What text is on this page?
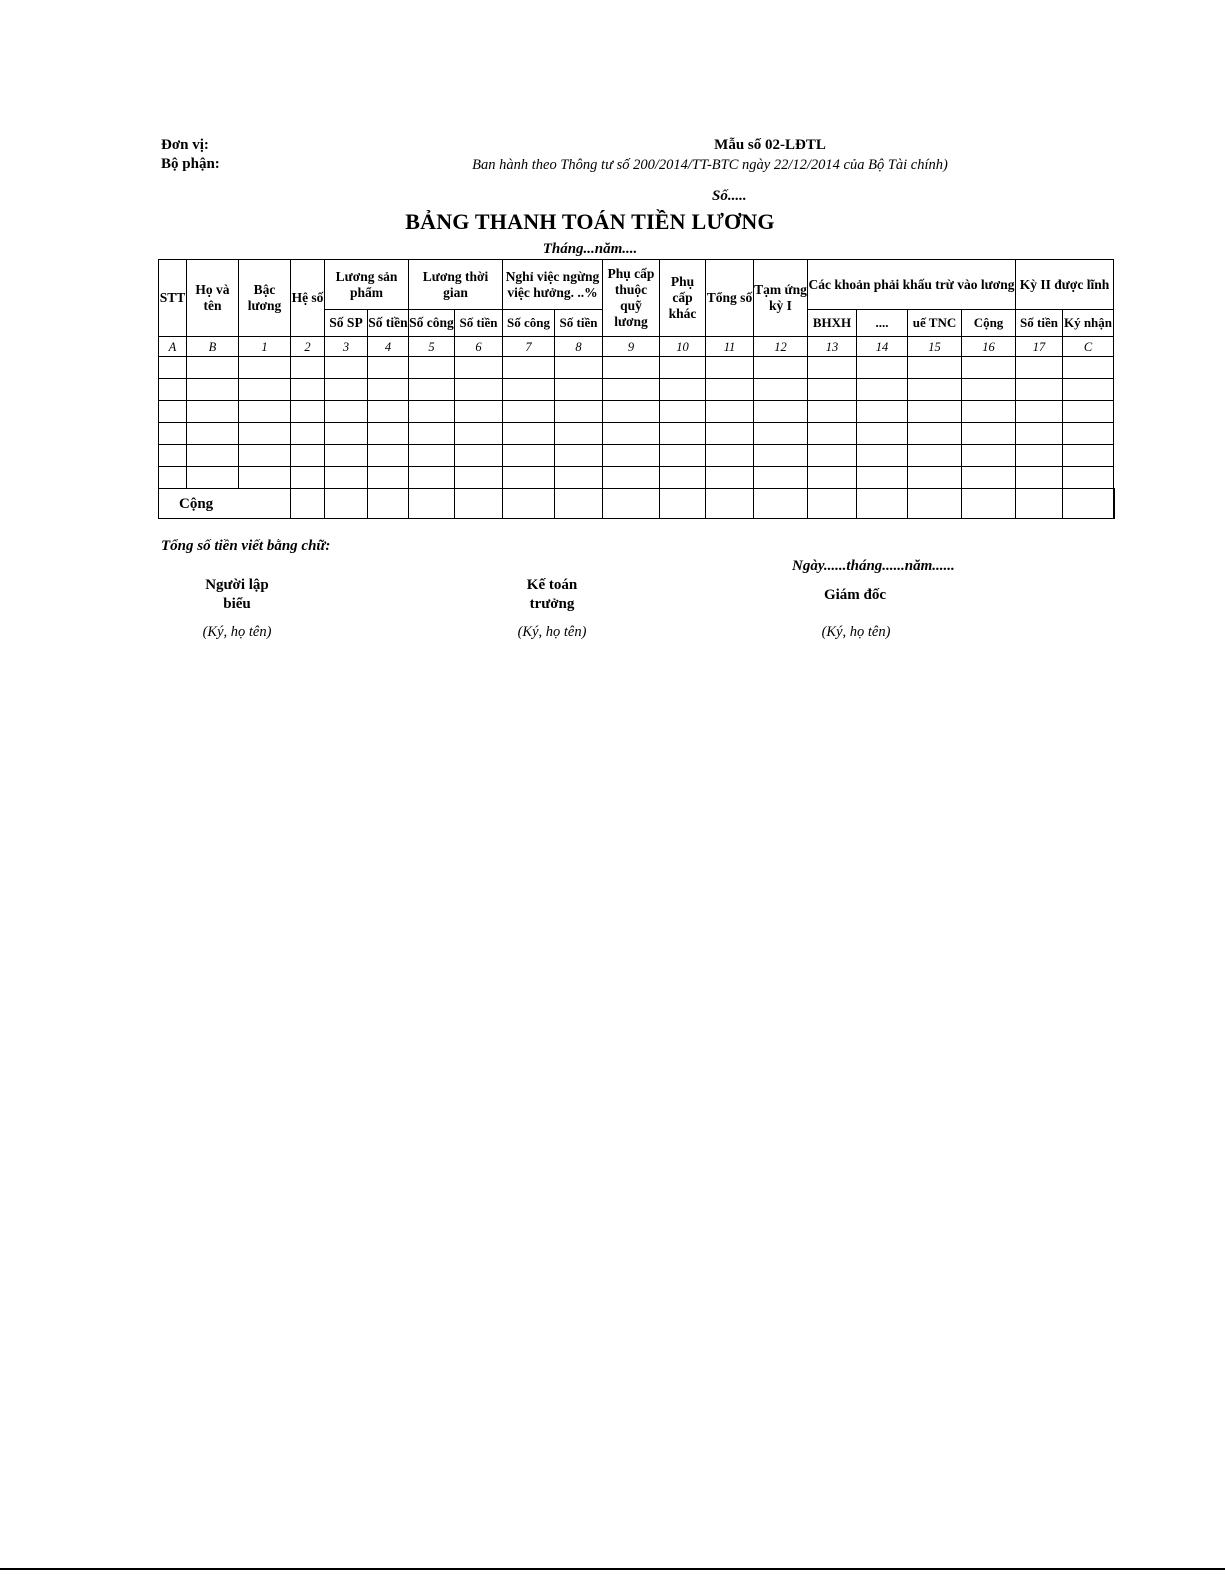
Đơn vị:
Bộ phận:
Mẫu số 02-LĐTL
Ban hành theo Thông tư số 200/2014/TT-BTC ngày 22/12/2014 của Bộ Tài chính)
Số.....
BẢNG THANH TOÁN TIỀN LƯƠNG
Tháng...năm....
STT	Họ và tên	Bậc lương	Hệ số	Lương sản phẩm		Lương thời gian		Nghỉ việc ngừng việc hưởng. ..%		Phụ cấp thuộc quỹ lương	Phụ cấp khác	Tổng số	Tạm ứng kỳ I	Các khoản phải khấu trừ vào lương				Kỳ II được lĩnh		
				Số SP	Số tiền	Số công	Số tiền	Số công	Số tiền					BHXH	....	uế TNC	Cộng	Số tiền	Ký nhận	
A	B	1	2	3	4	5	6	7	8	9	10	11	12	13	14	15	16	17	C	

Cộng																				
Tổng số tiền viết bằng chữ:
Ngày......tháng......năm......
Người lập biểu
Kế toán trưởng
Giám đốc
(Ký, họ tên)	(Ký, họ tên)	(Ký, họ tên)
